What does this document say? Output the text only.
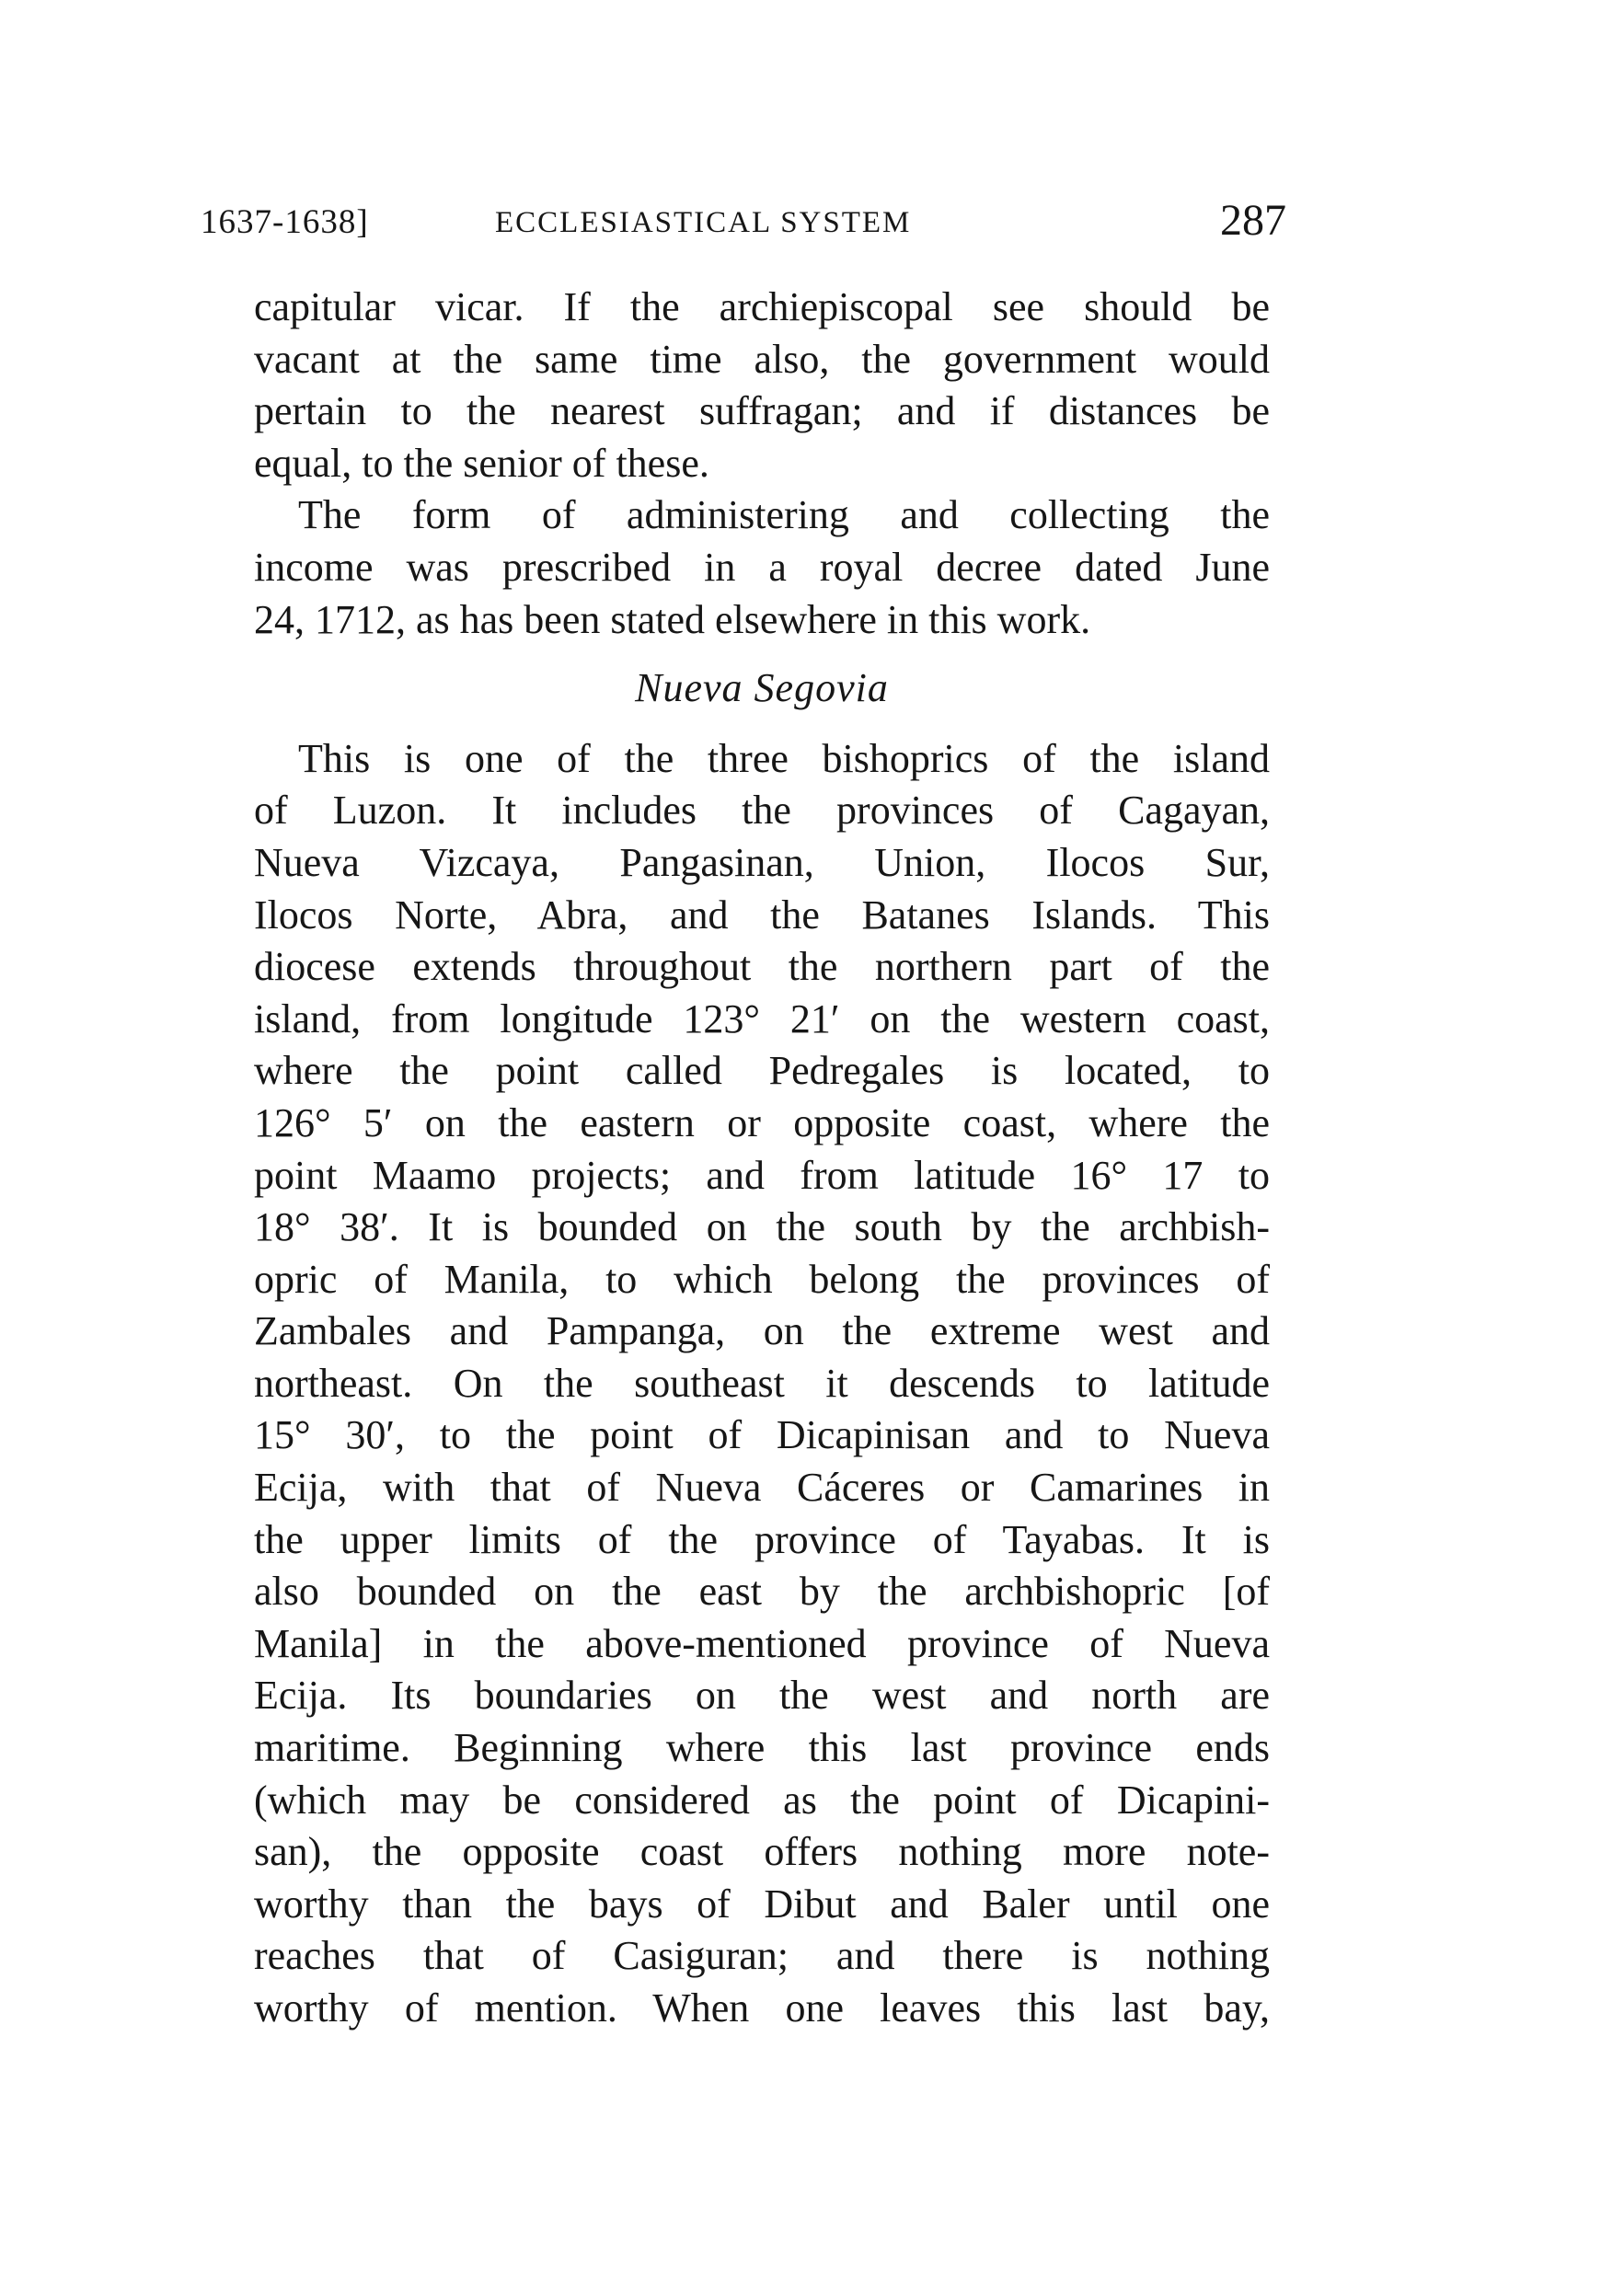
1637-1638]	ECCLESIASTICAL SYSTEM	287

capitular vicar. If the archiepiscopal see should be

vacant at the same time also, the government would

pertain to the nearest suffragan; and if distances be

equal, to the senior of these.

The form of administering and collecting the

income was prescribed in a royal decree dated June

24, 1712, as has been stated elsewhere in this work.

Nueva Segovia

This is one of the three bishoprics of the island

of Luzon. It includes the provinces of Cagayan,

Nueva Vizcaya, Pangasinan, Union, Ilocos Sur,

Ilocos Norte, Abra, and the Batanes Islands. This

diocese extends throughout the northern part of the

island, from longitude 123° 21′ on the western coast,

where the point called Pedregales is located, to

126° 5′ on the eastern or opposite coast, where the

point Maamo projects; and from latitude 16° 17 to

18° 38′. It is bounded on the south by the archbish-

opric of Manila, to which belong the provinces of

Zambales and Pampanga, on the extreme west and

northeast. On the southeast it descends to latitude

15° 30′, to the point of Dicapinisan and to Nueva

Ecija, with that of Nueva Cáceres or Camarines in

the upper limits of the province of Tayabas. It is

also bounded on the east by the archbishopric [of

Manila] in the above-mentioned province of Nueva

Ecija. Its boundaries on the west and north are

maritime. Beginning where this last province ends

(which may be considered as the point of Dicapini-

san), the opposite coast offers nothing more note-

worthy than the bays of Dibut and Baler until one

reaches that of Casiguran; and there is nothing

worthy of mention. When one leaves this last bay,
